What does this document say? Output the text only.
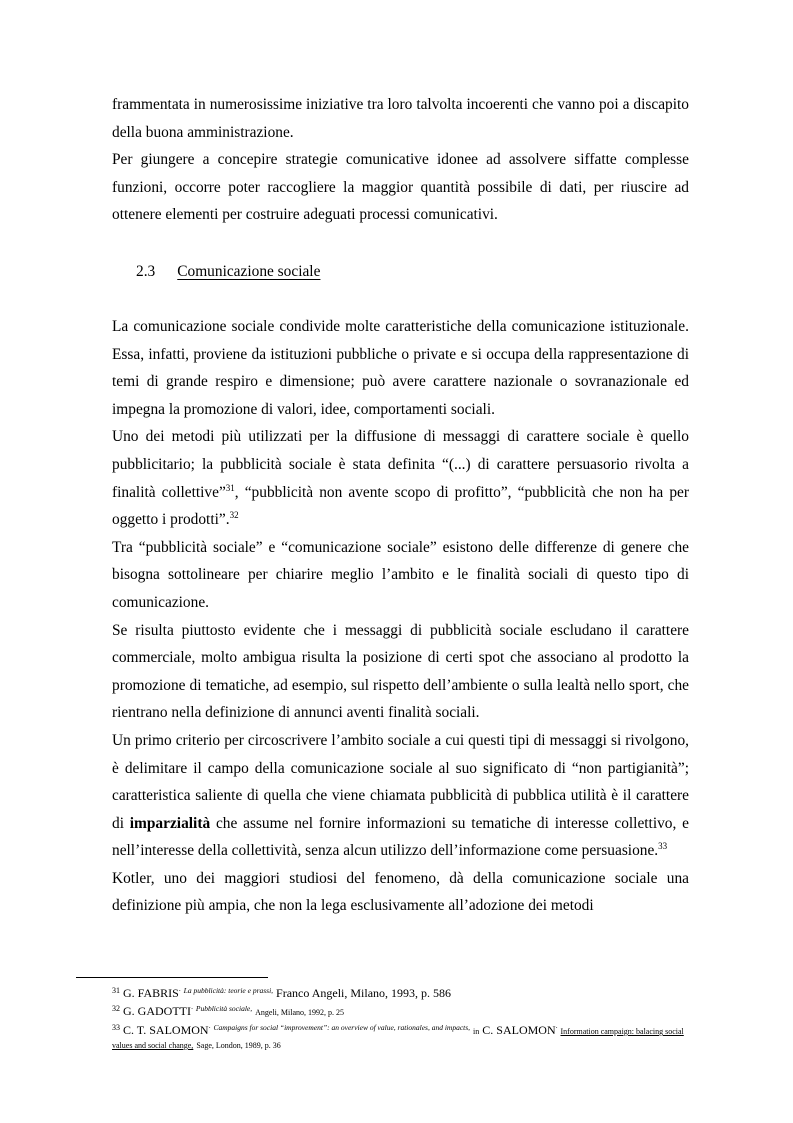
frammentata in numerosissime iniziative tra loro talvolta incoerenti che vanno poi a discapito della buona amministrazione.

Per giungere a concepire strategie comunicative idonee ad assolvere siffatte complesse funzioni, occorre poter raccogliere la maggior quantità possibile di dati, per riuscire ad ottenere elementi per costruire adeguati processi comunicativi.

2.3 Comunicazione sociale

La comunicazione sociale condivide molte caratteristiche della comunicazione istituzionale. Essa, infatti, proviene da istituzioni pubbliche o private e si occupa della rappresentazione di temi di grande respiro e dimensione; può avere carattere nazionale o sovranazionale ed impegna la promozione di valori, idee, comportamenti sociali.

Uno dei metodi più utilizzati per la diffusione di messaggi di carattere sociale è quello pubblicitario; la pubblicità sociale è stata definita “(...) di carattere persuasorio rivolta a finalità collettive”$^{31}$, “pubblicità non avente scopo di profitto”, “pubblicità che non ha per oggetto i prodotti”.$^{32}$

Tra “pubblicità sociale” e “comunicazione sociale” esistono delle differenze di genere che bisogna sottolineare per chiarire meglio l’ambito e le finalità sociali di questo tipo di comunicazione.

Se risulta piuttosto evidente che i messaggi di pubblicità sociale escludano il carattere commerciale, molto ambigua risulta la posizione di certi spot che associano al prodotto la promozione di tematiche, ad esempio, sul rispetto dell’ambiente o sulla lealtà nello sport, che rientrano nella definizione di annunci aventi finalità sociali.

Un primo criterio per circoscrivere l’ambito sociale a cui questi tipi di messaggi si rivolgono, è delimitare il campo della comunicazione sociale al suo significato di “non partigianità”; caratteristica saliente di quella che viene chiamata pubblicità di pubblica utilità è il carattere di imparzialità che assume nel fornire informazioni su tematiche di interesse collettivo, e nell’interesse della collettività, senza alcun utilizzo dell’informazione come persuasione.$^{33}$

Kotler, uno dei maggiori studiosi del fenomeno, dà della comunicazione sociale una definizione più ampia, che non la lega esclusivamente all’adozione dei metodi

$^{31}$ G. FABRIS· $^{La pubblicità: teorie e prassi,}$ Franco Angeli, Milano, 1993, p. 586
$^{32}$ G. GADOTTI· $^{Pubblicità sociale,}$ Angeli, Milano, 1992, p. 25
$^{33}$ C. T. SALOMON· $^{Campaigns for social “improvement”: an overview of value, rationales, and impacts,}$ in C. SALOMON· Information campaign: balacing social values and social change, Sage, London, 1989, p. 36
